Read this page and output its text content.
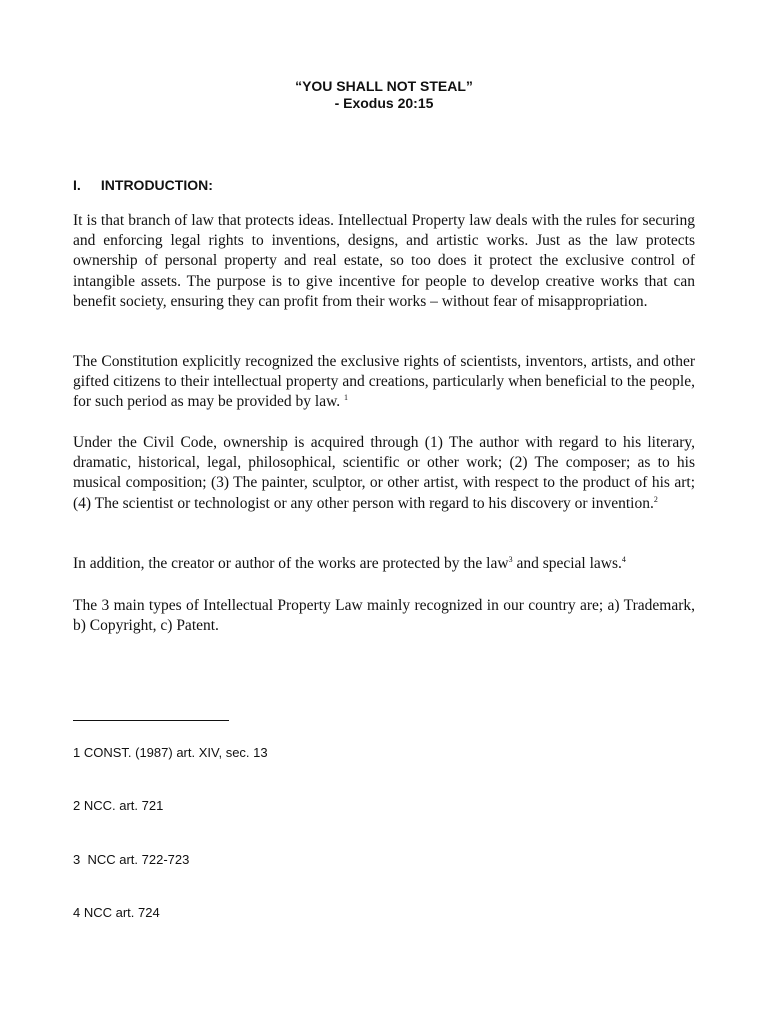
“YOU SHALL NOT STEAL”
- Exodus 20:15
I. INTRODUCTION:
It is that branch of law that protects ideas. Intellectual Property law deals with the rules for securing and enforcing legal rights to inventions, designs, and artistic works. Just as the law protects ownership of personal property and real estate, so too does it protect the exclusive control of intangible assets. The purpose is to give incentive for people to develop creative works that can benefit society, ensuring they can profit from their works – without fear of misappropriation.
The Constitution explicitly recognized the exclusive rights of scientists, inventors, artists, and other gifted citizens to their intellectual property and creations, particularly when beneficial to the people, for such period as may be provided by law. $^1$
Under the Civil Code, ownership is acquired through (1) The author with regard to his literary, dramatic, historical, legal, philosophical, scientific or other work; (2) The composer; as to his musical composition; (3) The painter, sculptor, or other artist, with respect to the product of his art; (4) The scientist or technologist or any other person with regard to his discovery or invention.$^2$
In addition, the creator or author of the works are protected by the law$^3$ and special laws.$^4$
The 3 main types of Intellectual Property Law mainly recognized in our country are; a) Trademark, b) Copyright, c) Patent.
1 CONST. (1987) art. XIV, sec. 13
2 NCC. art. 721
3  NCC art. 722-723
4 NCC art. 724
